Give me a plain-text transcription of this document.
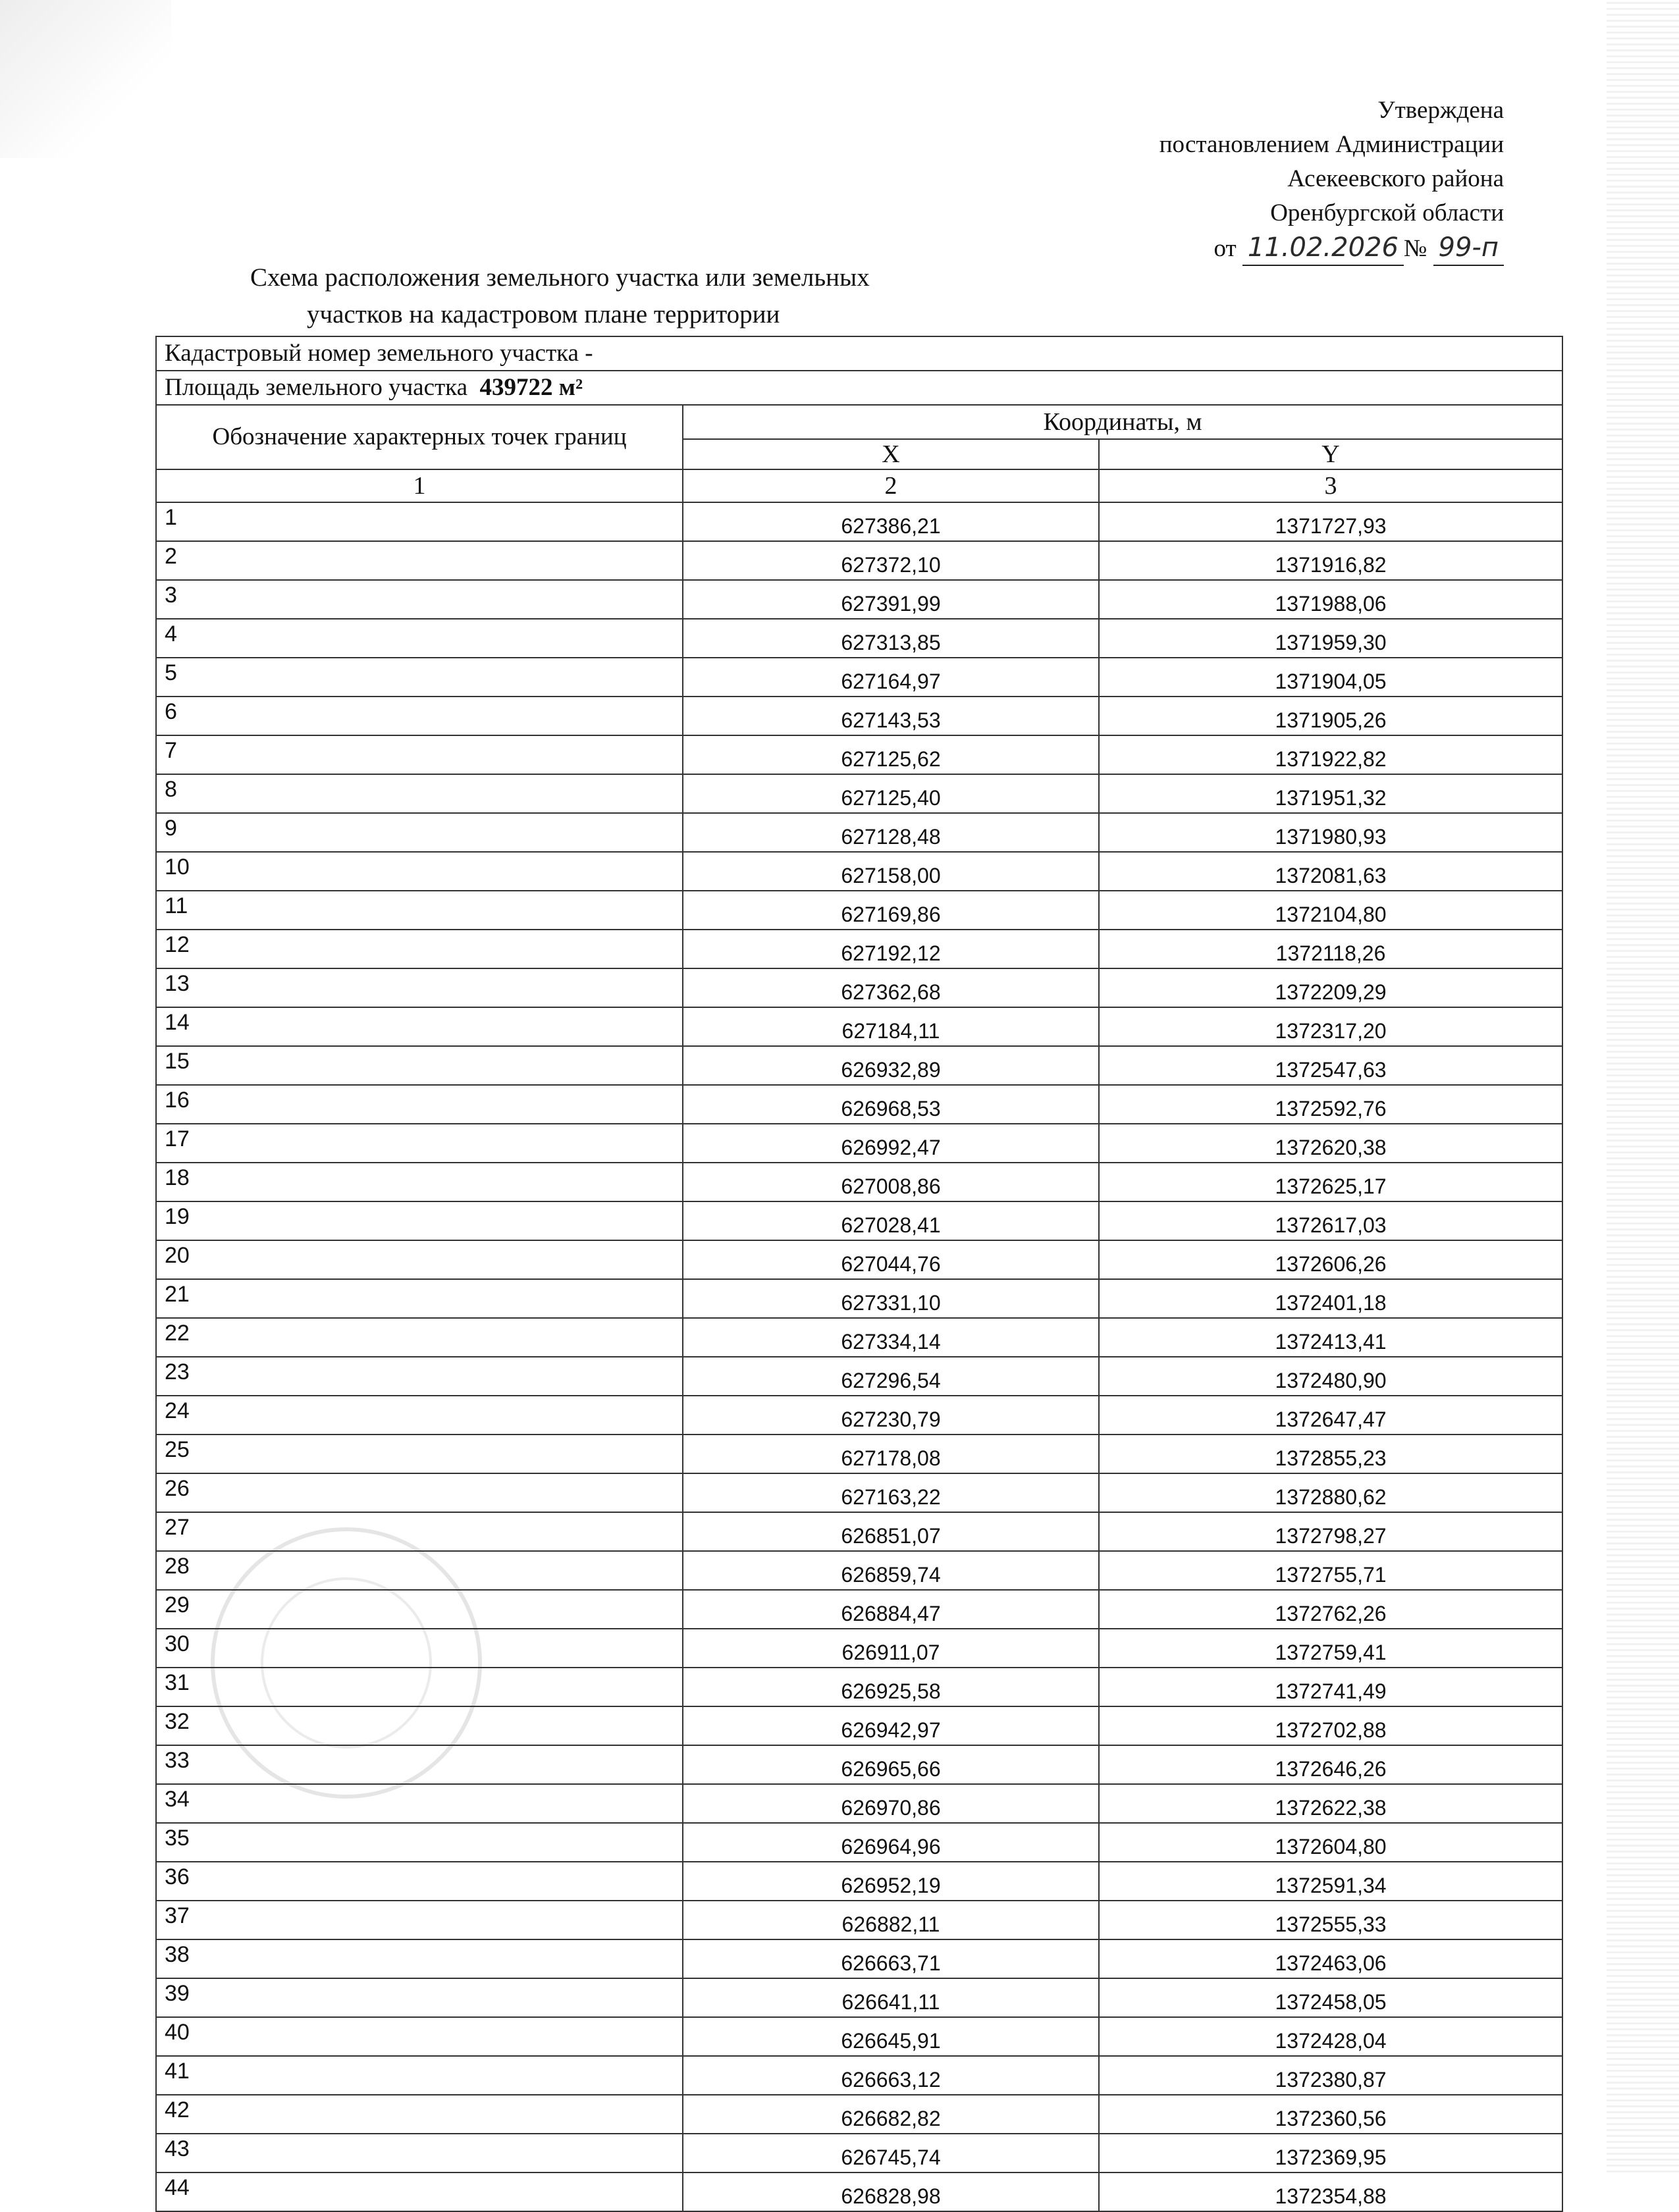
Утверждена
постановлением Администрации
Асекеевского района
Оренбургской области
от 11.02.2026 № 99-п
Схема расположения земельного участка или земельных
участков на кадастровом плане территории
Кадастровый номер земельного участка -		
Площадь земельного участка 439722 м²		
Обозначение характерных точек границ	Координаты, м	
	X	Y
1	2	3
1	627386,21	1371727,93
2	627372,10	1371916,82
3	627391,99	1371988,06
4	627313,85	1371959,30
5	627164,97	1371904,05
6	627143,53	1371905,26
7	627125,62	1371922,82
8	627125,40	1371951,32
9	627128,48	1371980,93
10	627158,00	1372081,63
11	627169,86	1372104,80
12	627192,12	1372118,26
13	627362,68	1372209,29
14	627184,11	1372317,20
15	626932,89	1372547,63
16	626968,53	1372592,76
17	626992,47	1372620,38
18	627008,86	1372625,17
19	627028,41	1372617,03
20	627044,76	1372606,26
21	627331,10	1372401,18
22	627334,14	1372413,41
23	627296,54	1372480,90
24	627230,79	1372647,47
25	627178,08	1372855,23
26	627163,22	1372880,62
27	626851,07	1372798,27
28	626859,74	1372755,71
29	626884,47	1372762,26
30	626911,07	1372759,41
31	626925,58	1372741,49
32	626942,97	1372702,88
33	626965,66	1372646,26
34	626970,86	1372622,38
35	626964,96	1372604,80
36	626952,19	1372591,34
37	626882,11	1372555,33
38	626663,71	1372463,06
39	626641,11	1372458,05
40	626645,91	1372428,04
41	626663,12	1372380,87
42	626682,82	1372360,56
43	626745,74	1372369,95
44	626828,98	1372354,88
